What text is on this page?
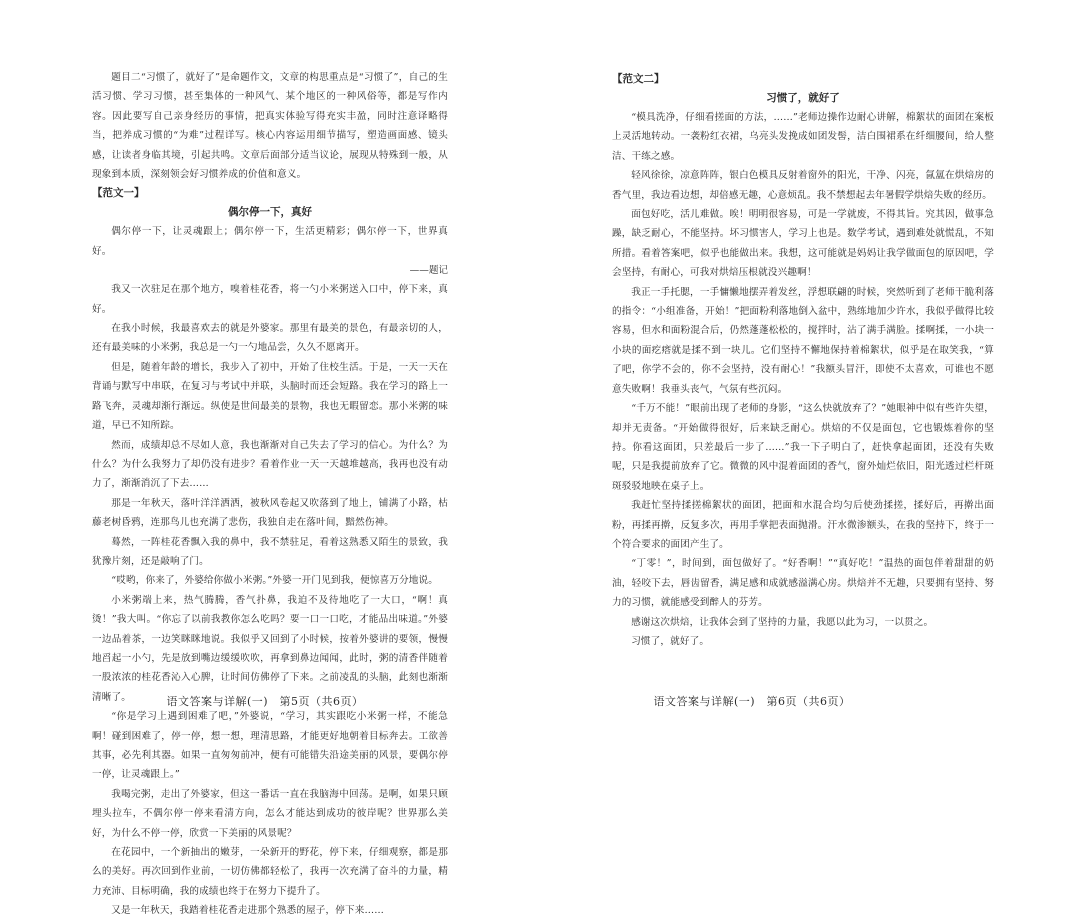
题目二“习惯了，就好了”是命题作文，文章的构思重点是“习惯了”，自己的生活习惯、学习习惯，甚至集体的一种风气、某个地区的一种风俗等，都是写作内容。因此要写自己亲身经历的事情，把真实体验写得充实丰盈，同时注意译略得当，把养成习惯的“为难”过程详写。核心内容运用细节描写，塑造画面感、镜头感，让读者身临其境，引起共鸣。文章后面部分适当议论，展现从特殊到一般，从现象到本质，深刻领会好习惯养成的价值和意义。

【范文一】

偶尔停一下，真好

偶尔停一下，让灵魂跟上；偶尔停一下，生活更精彩；偶尔停一下，世界真好。

——题记

我又一次驻足在那个地方，嗅着桂花香，将一勺小米粥送入口中，停下来，真好。

在我小时候，我最喜欢去的就是外婆家。那里有最美的景色，有最亲切的人，还有最美味的小米粥，我总是一勺一勺地品尝，久久不愿离开。

但是，随着年龄的增长，我步入了初中，开始了住校生活。于是，一天一天在背诵与默写中串联，在复习与考试中并联，头脑时而还会短路。我在学习的路上一路飞奔，灵魂却渐行渐远。纵使是世间最美的景物，我也无暇留恋。那小米粥的味道，早已不知所踪。

然而，成绩却总不尽如人意，我也渐渐对自己失去了学习的信心。为什么？为什么？为什么我努力了却仍没有进步？看着作业一天一天越堆越高，我再也没有动力了，渐渐消沉了下去……

那是一年秋天，落叶洋洋洒洒，被秋风卷起又吹落到了地上，铺满了小路，枯藤老树昏鸦，连那鸟儿也充满了悲伤，我独自走在落叶间，黯然伤神。

蓦然，一阵桂花香飘入我的鼻中，我不禁驻足，看着这熟悉又陌生的景致，我犹豫片刻，还是敲响了门。

“哎哟，你来了，外婆给你做小米粥。”外婆一开门见到我，便惊喜万分地说。

小米粥端上来，热气腾腾，香气扑鼻，我迫不及待地吃了一大口，“啊！真烫！”我大叫。“你忘了以前我教你怎么吃吗？要一口一口吃，才能品出味道。”外婆一边品着茶，一边笑眯眯地说。我似乎又回到了小时候，按着外婆讲的要领，慢慢地舀起一小勺，先是放到嘴边缓缓吹吹，再拿到鼻边闻闻，此时，粥的清香伴随着一股浓浓的桂花香沁入心脾，让时间仿佛停了下来。之前凌乱的头脑，此刻也渐渐清晰了。

“你是学习上遇到困难了吧，”外婆说，“学习，其实跟吃小米粥一样，不能急啊！碰到困难了，停一停，想一想，理清思路，才能更好地朝着目标奔去。工欲善其事，必先利其器。如果一直匆匆前冲，便有可能错失沿途美丽的风景，要偶尔停一停，让灵魂跟上。”

我喝完粥，走出了外婆家，但这一番话一直在我脑海中回荡。是啊，如果只顾埋头拉车，不偶尔停一停来看清方向，怎么才能达到成功的彼岸呢？世界那么美好，为什么不停一停，欣赏一下美丽的风景呢？

在花园中，一个新抽出的嫩芽，一朵新开的野花，停下来，仔细观察，都是那么的美好。再次回到作业前，一切仿佛都轻松了，我再一次充满了奋斗的力量，精力充沛、目标明确，我的成绩也终于在努力下提升了。

又是一年秋天，我踏着桂花香走进那个熟悉的屋子，停下来……

语文答案与详解(一)　第5页（共6页）

【范文二】

习惯了，就好了

“模具洗净，仔细看搓面的方法，……”老师边操作边耐心讲解，棉絮状的面团在案板上灵活地转动。一袭粉红衣裙，乌亮头发挽成如团发髻，洁白围裙系在纤细腰间，给人整洁、干练之感。

轻风徐徐，凉意阵阵，银白色模具反射着窗外的阳光，干净、闪亮，氤氲在烘焙房的香气里，我边看边想，却倍感无趣，心意烦乱。我不禁想起去年暑假学烘焙失败的经历。

面包好吃，活儿难做。唉！明明很容易，可是一学就废，不得其旨。究其因，做事急躁，缺乏耐心，不能坚持。坏习惯害人，学习上也是。数学考试，遇到难处就慌乱，不知所措。看着答案吧，似乎也能做出来。我想，这可能就是妈妈让我学做面包的原因吧，学会坚持，有耐心，可我对烘焙压根就没兴趣啊！

我正一手托腮，一手慵懒地摆弄着发丝，浮想联翩的时候，突然听到了老师干脆利落的指令：“小组准备，开始！”把面粉利落地倒入盆中，熟练地加少许水，我似乎做得比较容易，但水和面粉混合后，仍然蓬蓬松松的，搅拌时，沾了满手满脸。揉啊揉，一小块一小块的面疙瘩就是揉不到一块儿。它们坚持不懈地保持着棉絮状，似乎是在取笑我，“算了吧，你学不会的，你不会坚持，没有耐心！”我额头冒汗，即使不太喜欢，可谁也不愿意失败啊！我垂头丧气，气氛有些沉闷。

“千万不能！”眼前出现了老师的身影，“这么快就放弃了？”她眼神中似有些许失望，却并无责备。“开始做得很好，后来缺乏耐心。烘焙的不仅是面包，它也锻炼着你的坚持。你看这面团，只差最后一步了……”我一下子明白了，赶快拿起面团，还没有失败呢，只是我提前放弃了它。微微的风中混着面团的香气，窗外灿烂依旧，阳光透过栏杆斑斑驳驳地映在桌子上。

我赶忙坚持揉搓棉絮状的面团，把面和水混合均匀后使劲揉搓，揉好后，再擀出面粉，再揉再擀，反复多次，再用手掌把表面抛滑。汗水微渗额头，在我的坚持下，终于一个符合要求的面团产生了。

“丁零！”，时间到，面包做好了。“好香啊！”“真好吃！”温热的面包伴着甜甜的奶油，轻咬下去，唇齿留香，满足感和成就感溢满心房。烘焙并不无趣，只要拥有坚持、努力的习惯，就能感受到醉人的芬芳。

感谢这次烘焙，让我体会到了坚持的力量，我愿以此为习，一以贯之。

习惯了，就好了。

语文答案与详解(一)　第6页（共6页）
